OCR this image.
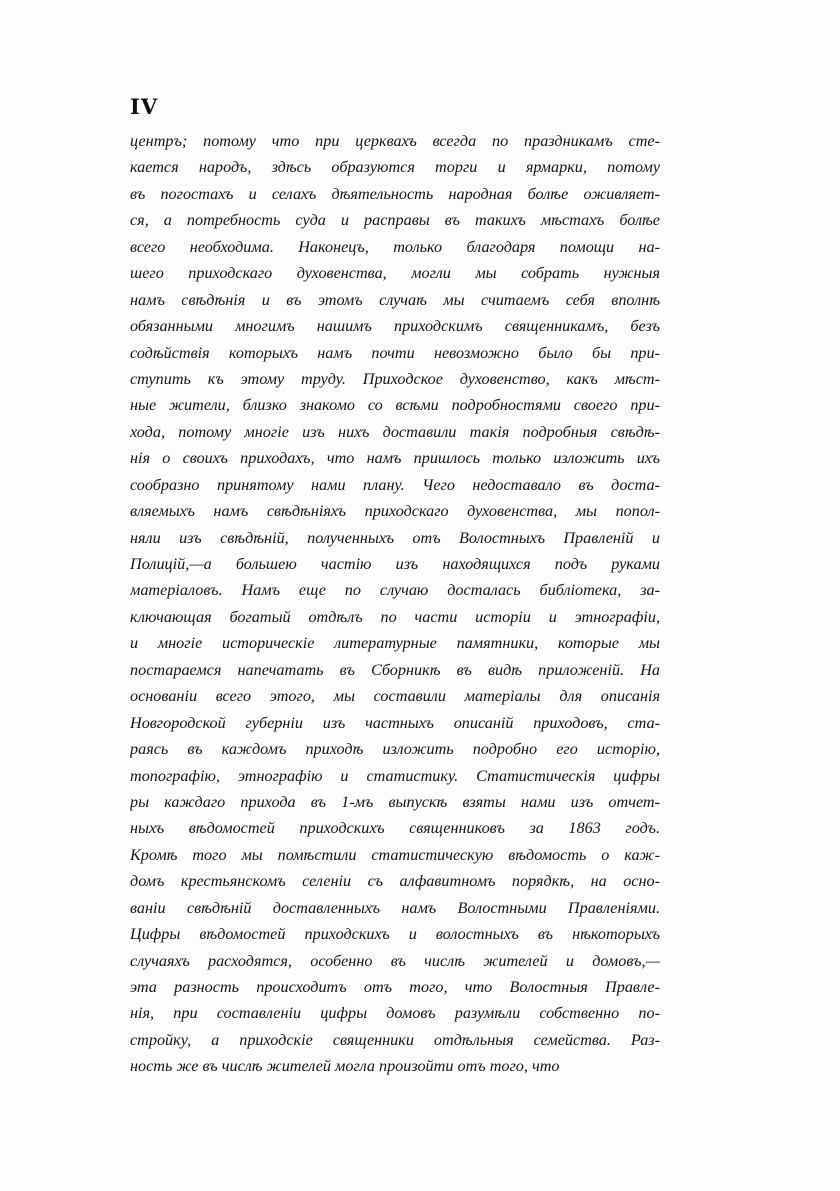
IV
центръ; потому что при церквахъ всегда по праздникамъ сте-
кается народъ, здѣсь образуются торги и ярмарки, потому
въ погостахъ и селахъ дѣятельность народная болѣе оживляет-
ся, а потребность суда и расправы въ такихъ мѣстахъ болѣе
всего необходима. Наконецъ, только благодаря помощи на-
шего приходскаго духовенства, могли мы собрать нужныя
намъ свѣдѣнія и въ этомъ случаѣ мы считаемъ себя вполнѣ
обязанными многимъ нашимъ приходскимъ священникамъ, безъ
содѣйствія которыхъ намъ почти невозможно было бы при-
ступить къ этому труду. Приходское духовенство, какъ мѣст-
ные жители, близко знакомо со всѣми подробностями своего при-
хода, потому многіе изъ нихъ доставили такія подробныя свѣдѣ-
нія о своихъ приходахъ, что намъ пришлось только изложить ихъ
сообразно принятому нами плану. Чего недоставало въ доста-
вляемыхъ намъ свѣдѣніяхъ приходскаго духовенства, мы попол-
няли изъ свѣдѣній, полученныхъ отъ Волостныхъ Правленій и
Полицій,—а большею частію изъ находящихся подъ руками
матеріаловъ. Намъ еще по случаю досталась библіотека, за-
ключающая богатый отдѣлъ по части исторіи и этнографіи,
и многіе историческіе литературные памятники, которые мы
постараемся напечатать въ Сборникѣ въ видѣ приложеній. На
основаніи всего этого, мы составили матеріалы для описанія
Новгородской губерніи изъ частныхъ описаній приходовъ, ста-
раясь въ каждомъ приходѣ изложить подробно его исторію,
топографію, этнографію и статистику. Статистическія цифры
ры каждаго прихода въ 1-мъ выпускѣ взяты нами изъ отчет-
ныхъ вѣдомостей приходскихъ священниковъ за 1863 годъ.
Кромѣ того мы помѣстили статистическую вѣдомость о каж-
домъ крестьянскомъ селеніи съ алфавитномъ порядкѣ, на осно-
ваніи свѣдѣній доставленныхъ намъ Волостными Правленіями.
Цифры вѣдомостей приходскихъ и волостныхъ въ нѣкоторыхъ
случаяхъ расходятся, особенно въ числѣ жителей и домовъ,—
эта разность происходитъ отъ того, что Волостныя Правле-
нія, при составленіи цифры домовъ разумѣли собственно по-
стройку, а приходскіе священники отдѣльныя семейства. Раз-
ность же въ числѣ жителей могла произойти отъ того, что
